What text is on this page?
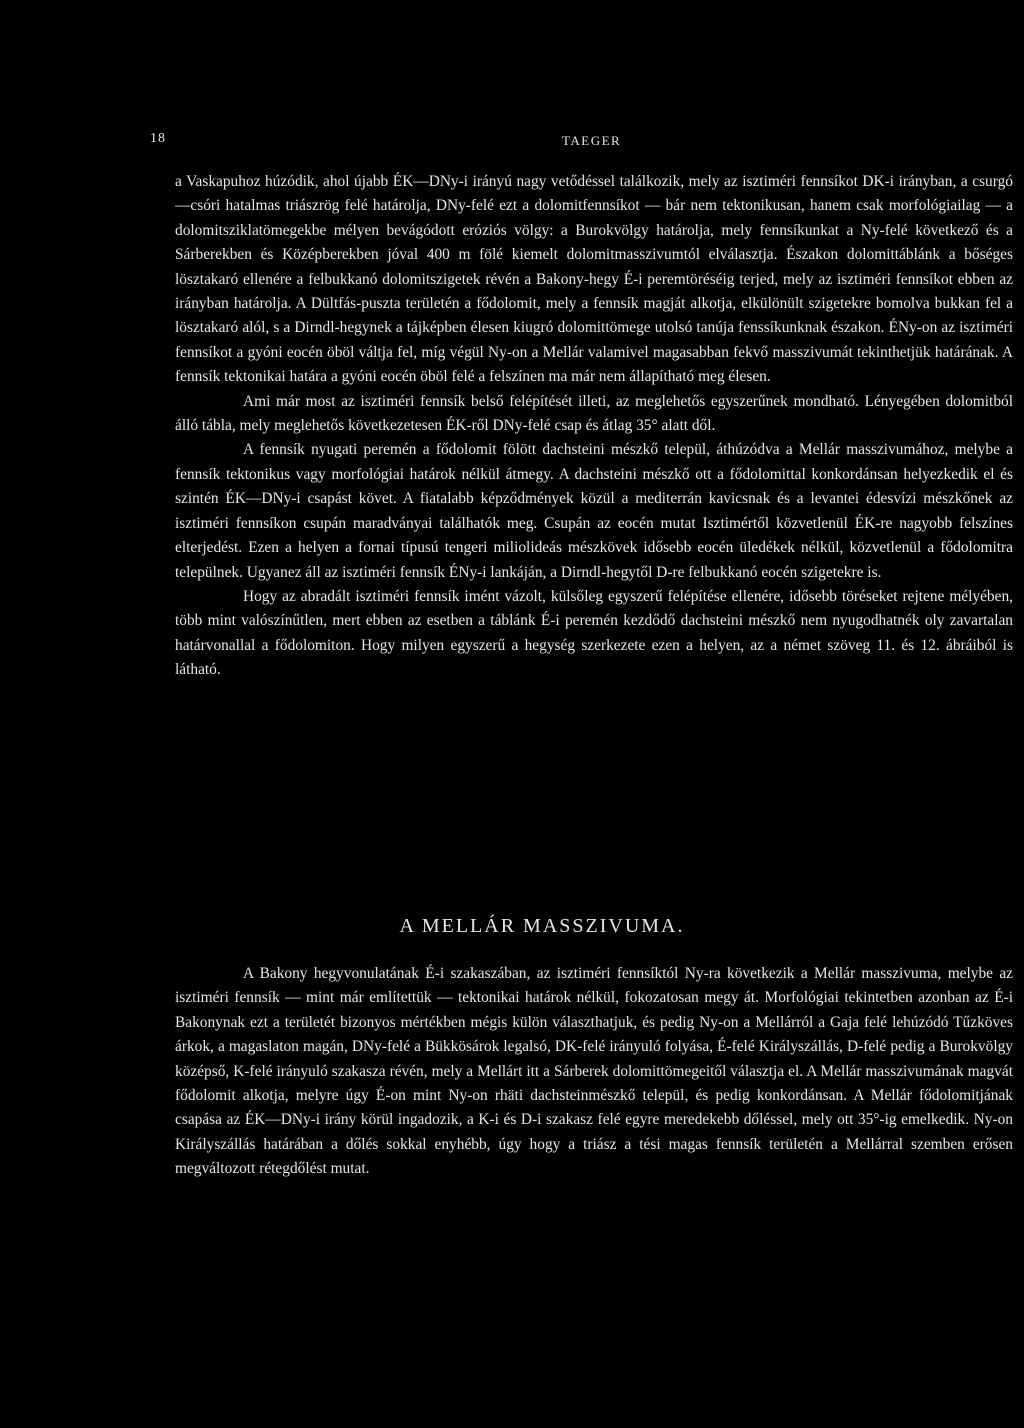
18	TAEGER

a Vaskapuhoz húzódik, ahol újabb ÉK—DNy-i irányú nagy vetődéssel találkozik, mely az isztiméri fennsíkot DK-i irányban, a csurgó—csóri hatalmas triászrög felé határolja, DNy-felé ezt a dolomitfennsíkot — bár nem tektonikusan, hanem csak morfológiailag — a dolomitsziklatömegekbe mélyen bevágódott eróziós völgy: a Burokvölgy határolja, mely fennsíkunkat a Ny-felé következő és a Sárberekben és Középberekben jóval 400 m fölé kiemelt dolomitmasszivumtól elválasztja. Északon dolomittáblánk a bőséges lösztakaró ellenére a felbukkanó dolomitszigetek révén a Bakony-hegy É-i peremtöréséig terjed, mely az isztiméri fennsíkot ebben az irányban határolja. A Dültfás-puszta területén a fődolomit, mely a fennsík magját alkotja, elkülönült szigetekre bomolva bukkan fel a lösztakaró alól, s a Dirndl-hegynek a tájképben élesen kiugró dolomittömege utolsó tanúja fenssíkunknak északon. ÉNy-on az isztiméri fennsíkot a gyóni eocén öböl váltja fel, míg végül Ny-on a Mellár valamivel magasabban fekvő masszivumát tekinthetjük határának. A fennsík tektonikai határa a gyóni eocén öböl felé a felszínen ma már nem állapítható meg élesen.

Ami már most az isztiméri fennsík belső felépítését illeti, az meglehetős egyszerűnek mondható. Lényegében dolomitból álló tábla, mely meglehetős következetesen ÉK-ről DNy-felé csap és átlag 35° alatt dől.

A fennsík nyugati peremén a fődolomit fölött dachsteini mészkő települ, áthúzódva a Mellár masszivumához, melybe a fennsík tektonikus vagy morfológiai határok nélkül átmegy. A dachsteini mészkő ott a fődolomittal konkordánsan helyezkedik el és szintén ÉK—DNy-i csapást követ. A fiatalabb képződmények közül a mediterrán kavicsnak és a levantei édesvízi mészkőnek az isztiméri fennsíkon csupán maradványai találhatók meg. Csupán az eocén mutat Isztimértől közvetlenül ÉK-re nagyobb felszínes elterjedést. Ezen a helyen a fornai típusú tengeri miliolideás mészkövek idősebb eocén üledékek nélkül, közvetlenül a fődolomitra települnek. Ugyanez áll az isztiméri fennsík ÉNy-i lankáján, a Dirndl-hegytől D-re felbukkanó eocén szigetekre is.

Hogy az abradált isztiméri fennsík imént vázolt, külsőleg egyszerű felépítése ellenére, idősebb töréseket rejtene mélyében, több mint valószínűtlen, mert ebben az esetben a táblánk É-i peremén kezdődő dachsteini mészkő nem nyugodhatnék oly zavartalan határvonallal a fődolomiton. Hogy milyen egyszerű a hegység szerkezete ezen a helyen, az a német szöveg 11. és 12. ábráiból is látható.

A MELLÁR MASSZIVUMA.

A Bakony hegyvonulatának É-i szakaszában, az isztiméri fennsíktól Ny-ra következik a Mellár masszivuma, melybe az isztiméri fennsík — mint már említettük — tektonikai határok nélkül, fokozatosan megy át. Morfológiai tekintetben azonban az É-i Bakonynak ezt a területét bizonyos mértékben mégis külön választhatjuk, és pedig Ny-on a Mellárról a Gaja felé lehúzódó Tűzköves árkok, a magaslaton magán, DNy-felé a Bükkösárok legalsó, DK-felé irányuló folyása, É-felé Királyszállás, D-felé pedig a Burokvölgy középső, K-felé irányuló szakasza révén, mely a Mellárt itt a Sárberek dolomittömegeitől választja el. A Mellár masszivumának magvát fődolomit alkotja, melyre úgy É-on mint Ny-on rhäti dachsteinmészkő települ, és pedig konkordánsan. A Mellár fődolomitjának csapása az ÉK—DNy-i irány körül ingadozik, a K-i és D-i szakasz felé egyre meredekebb dőléssel, mely ott 35°-ig emelkedik. Ny-on Királyszállás határában a dőlés sokkal enyhébb, úgy hogy a triász a tési magas fennsík területén a Mellárral szemben erősen megváltozott rétegdőlést mutat.
